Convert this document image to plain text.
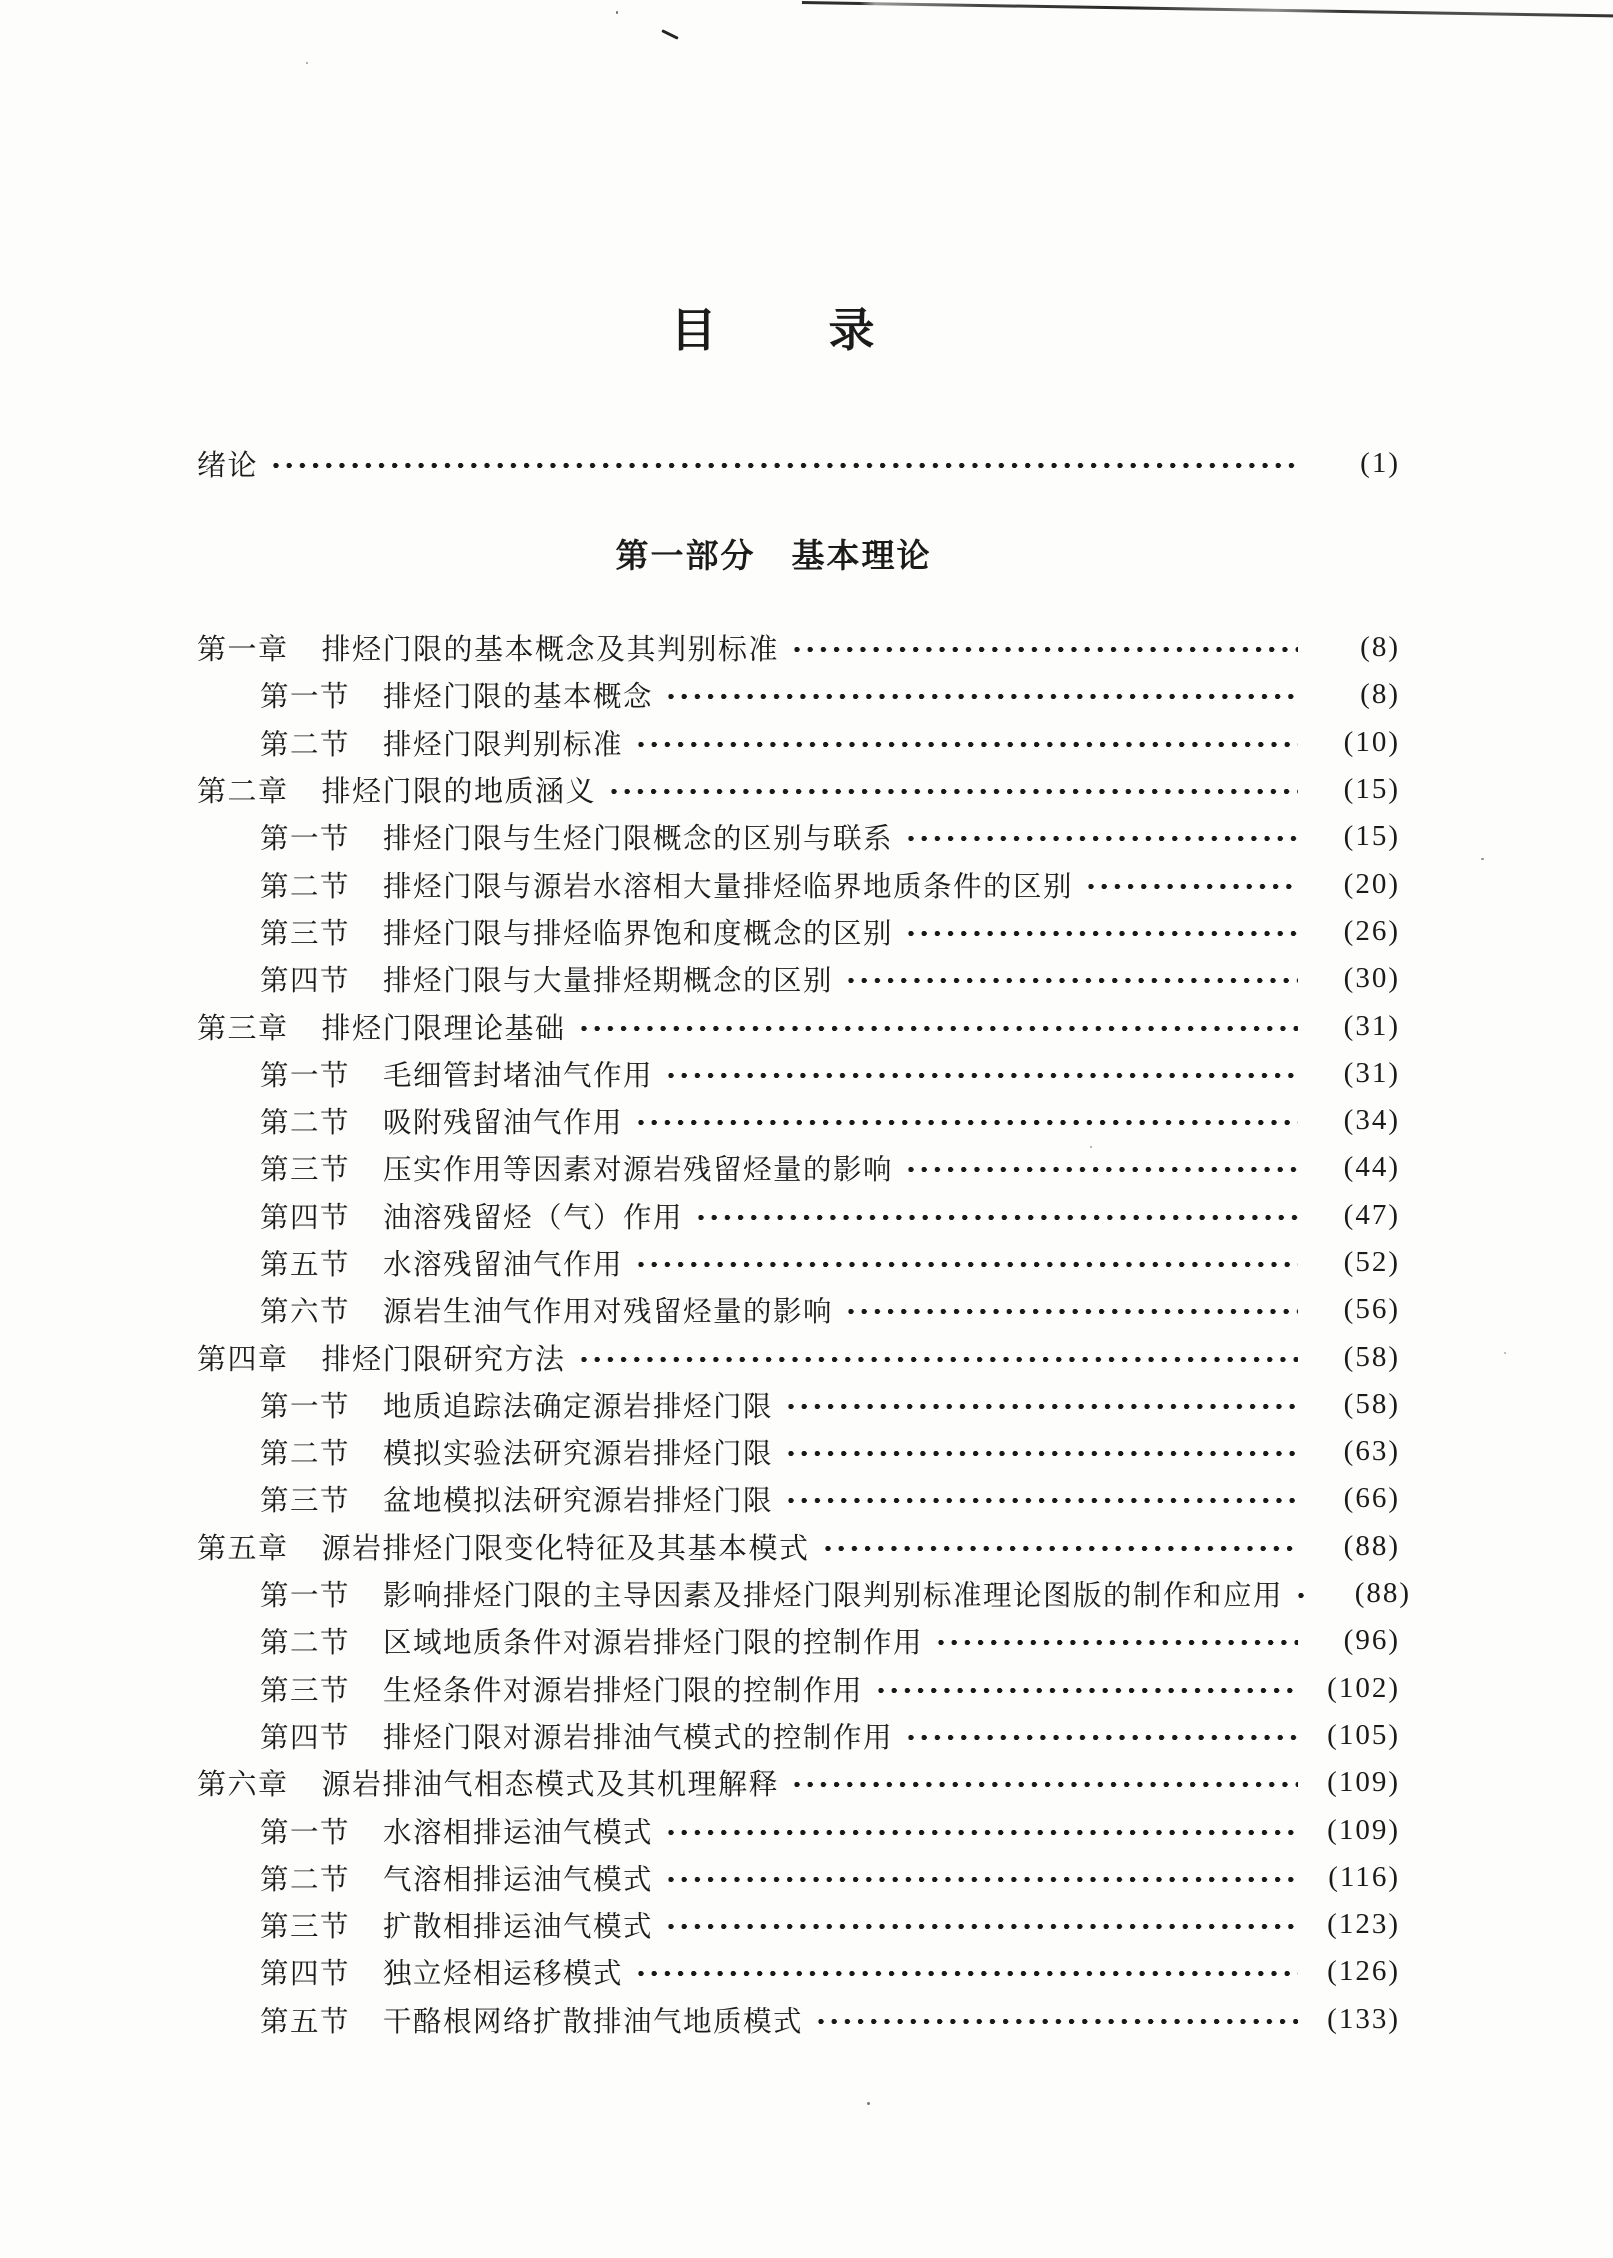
目 录
绪论	(1)
第一部分 基本理论
第一章 排烃门限的基本概念及其判别标准	(8)
第一节 排烃门限的基本概念	(8)
第二节 排烃门限判别标准	(10)
第二章 排烃门限的地质涵义	(15)
第一节 排烃门限与生烃门限概念的区别与联系	(15)
第二节 排烃门限与源岩水溶相大量排烃临界地质条件的区别	(20)
第三节 排烃门限与排烃临界饱和度概念的区别	(26)
第四节 排烃门限与大量排烃期概念的区别	(30)
第三章 排烃门限理论基础	(31)
第一节 毛细管封堵油气作用	(31)
第二节 吸附残留油气作用	(34)
第三节 压实作用等因素对源岩残留烃量的影响	(44)
第四节 油溶残留烃（气）作用	(47)
第五节 水溶残留油气作用	(52)
第六节 源岩生油气作用对残留烃量的影响	(56)
第四章 排烃门限研究方法	(58)
第一节 地质追踪法确定源岩排烃门限	(58)
第二节 模拟实验法研究源岩排烃门限	(63)
第三节 盆地模拟法研究源岩排烃门限	(66)
第五章 源岩排烃门限变化特征及其基本模式	(88)
第一节 影响排烃门限的主导因素及排烃门限判别标准理论图版的制作和应用	(88)
第二节 区域地质条件对源岩排烃门限的控制作用	(96)
第三节 生烃条件对源岩排烃门限的控制作用	(102)
第四节 排烃门限对源岩排油气模式的控制作用	(105)
第六章 源岩排油气相态模式及其机理解释	(109)
第一节 水溶相排运油气模式	(109)
第二节 气溶相排运油气模式	(116)
第三节 扩散相排运油气模式	(123)
第四节 独立烃相运移模式	(126)
第五节 干酪根网络扩散排油气地质模式	(133)
